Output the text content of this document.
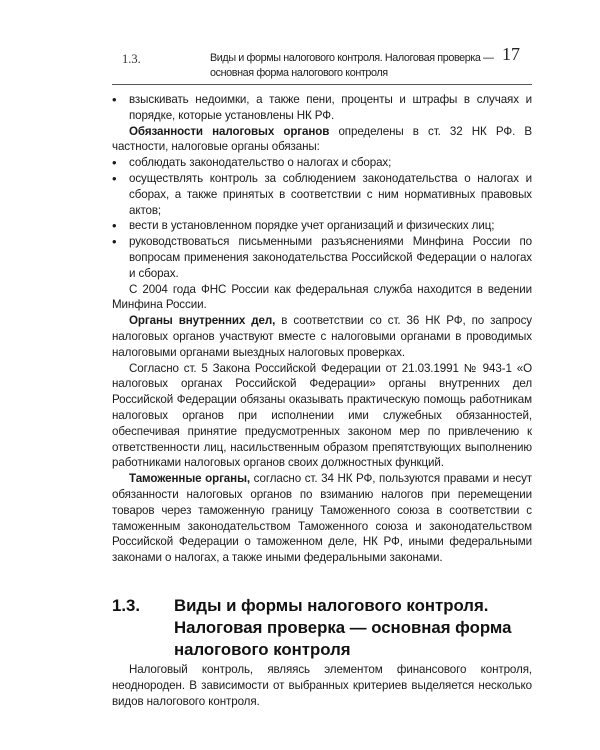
1.3.	Виды и формы налогового контроля. Налоговая проверка — основная форма налогового контроля
17

•	взыскивать недоимки, а также пени, проценты и штрафы в случаях и порядке, которые установлены НК РФ.

Обязанности налоговых органов определены в ст. 32 НК РФ. В частности, налоговые органы обязаны:

•	соблюдать законодательство о налогах и сборах;

•	осуществлять контроль за соблюдением законодательства о налогах и сборах, а также принятых в соответствии с ним нормативных правовых актов;

•	вести в установленном порядке учет организаций и физических лиц;

•	руководствоваться письменными разъяснениями Минфина России по вопросам применения законодательства Российской Федерации о налогах и сборах.

С 2004 года ФНС России как федеральная служба находится в ведении Минфина России.

Органы внутренних дел, в соответствии со ст. 36 НК РФ, по запросу налоговых органов участвуют вместе с налоговыми органами в проводимых налоговыми органами выездных налоговых проверках.

Согласно ст. 5 Закона Российской Федерации от 21.03.1991 № 943-1 «О налоговых органах Российской Федерации» органы внутренних дел Российской Федерации обязаны оказывать практическую помощь работникам налоговых органов при исполнении ими служебных обязанностей, обеспечивая принятие предусмотренных законом мер по привлечению к ответственности лиц, насильственным образом препятствующих выполнению работниками налоговых органов своих должностных функций.

Таможенные органы, согласно ст. 34 НК РФ, пользуются правами и несут обязанности налоговых органов по взиманию налогов при перемещении товаров через таможенную границу Таможенного союза в соответствии с таможенным законодательством Таможенного союза и законодательством Российской Федерации о таможенном деле, НК РФ, иными федеральными законами о налогах, а также иными федеральными законами.

1.3. Виды и формы налогового контроля. Налоговая проверка — основная форма налогового контроля

Налоговый контроль, являясь элементом финансового контроля, неоднороден. В зависимости от выбранных критериев выделяется несколько видов налогового контроля.
